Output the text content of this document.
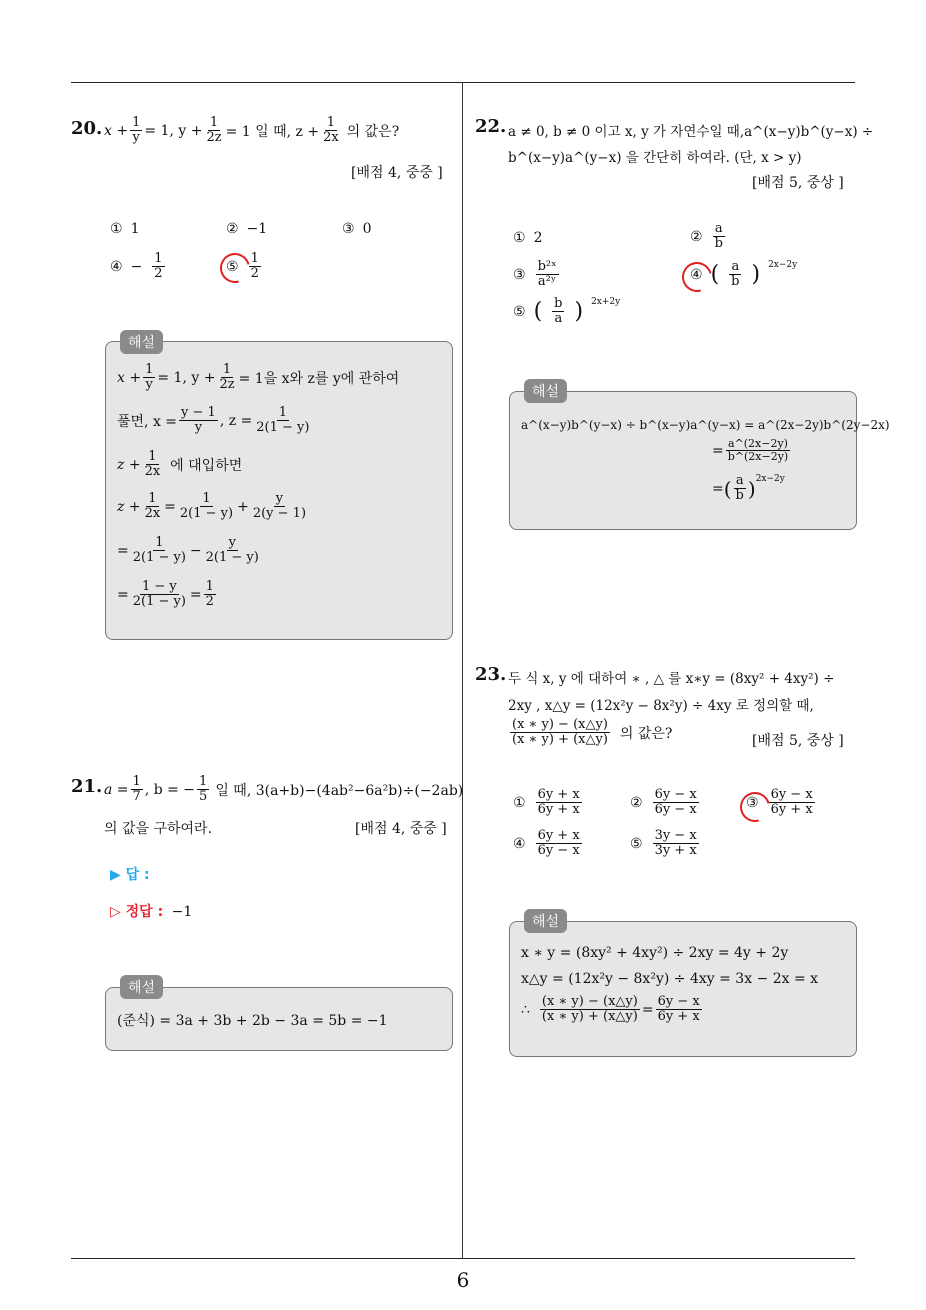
20. $x + \frac{1}{y} = 1$, $y + \frac{1}{2z} = 1$ 일 때, $z + \frac{1}{2x}$ 의 값은?
[배점 4, 중중 ]
① 1	② −1	③ 0
④ − $\frac{1}{2}$	⑤ $\frac{1}{2}$
해설
$x + \frac{1}{y} = 1$, $y + \frac{1}{2z} = 1$을 x와 z를 y에 관하여
풀면, $x = \frac{y - 1}{y}$ , $z = \frac{1}{2(1 - y)}$
$z + \frac{1}{2x}$ 에 대입하면
$z + \frac{1}{2x} = \frac{1}{2(1 - y)} + \frac{y}{2(y - 1)}$
= $\frac{1}{2(1 - y)} - \frac{y}{2(1 - y)}$
= $\frac{1 - y}{2(1 - y)} = \frac{1}{2}$
21. $a = \frac{1}{7}$ , b = − $\frac{1}{5}$ 일 때, 3(a+b)−(4ab²−6a²b)÷(−2ab)
의 값을 구하여라.	[배점 4, 중중 ]
▶ 답 :
▷ 정답 : −1
해설
(준식) = 3a + 3b + 2b − 3a = 5b = −1
22. a ≠ 0, b ≠ 0 이고 x, y 가 자연수일 때,a^(x−y)b^(y−x) ÷
b^(x−y)a^(y−x) 을 간단히 하여라. (단, x > y)
[배점 5, 중상 ]
① 2	② $\frac{a}{b}$
③ $\frac{\text{b²ˣ}}{\text{a²ʸ}}$	④ ( $\frac{a}{b}$ ) $^{2x-2y}$
⑤ ( $\frac{b}{a}$ ) $^{2x+2y}$
해설
a^(x−y)b^(y−x) ÷ b^(x−y)a^(y−x) = a^(2x−2y)b^(2y−2x)
= $\frac{a\^{}(2x-2y)}{b\^{}(2x-2y)}$
= ( $\frac{a}{b} )^{2x-2y}$
23. 두 식 x, y 에 대하여 ∗ , △ 를 x∗y = (8xy² + 4xy²) ÷
2xy , x△y = (12x²y − 8x²y) ÷ 4xy 로 정의할 때,
$\frac{(x ∗ y) - (x\triangle y)}{(x ∗ y) + (x\triangle y)}$ 의 값은?	[배점 5, 중상 ]
① $\frac{6y + x}{6y + x}$	② $\frac{6y - x}{6y - x}$	③ $\frac{6y - x}{6y + x}$
④ $\frac{6y + x}{6y - x}$	⑤ $\frac{3y - x}{3y + x}$
해설
x ∗ y = (8xy² + 4xy²) ÷ 2xy = 4y + 2y
x△y = (12x²y − 8x²y) ÷ 4xy = 3x − 2x = x
∴ $\frac{(x ∗ y) - (x\triangle y)}{(x ∗ y) + (x\triangle y)} = \frac{6y - x}{6y + x}$
6
